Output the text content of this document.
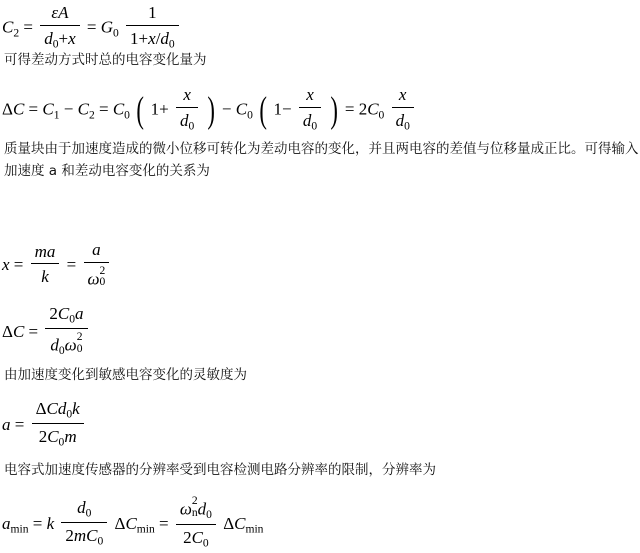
$C_2 = \frac{\varepsilon A}{d_0+x} = G_0 \frac{1}{1+x/d_0}$

可得差动方式时总的电容变化量为

$\Delta C = C_1 - C_2 = C_0$ ( $1+ \frac{x}{d_0}$ ) − $C_0$ ( $1- \frac{x}{d_0}$ ) = $2C_0 \frac{x}{d_0}$

质量块由于加速度造成的微小位移可转化为差动电容的变化，并且两电容的差值与位移量成正比。可得输入加速度 a 和差动电容变化的关系为

$x = \frac{ma}{k} = a$
ω 2
0
$\Delta C = 2C_0a$
$d_0\omega$ 2
0

由加速度变化到敏感电容变化的灵敏度为

$a = \frac{\Delta Cd_0k}{2C_0m}$

电容式加速度传感器的分辨率受到电容检测电路分辨率的限制，分辨率为

$a_{min} = k \frac{d_0}{2mC_0} \Delta C_{min} = \omega$ 2
n $d_0$
$2C_0$ $\Delta C_{min}$
